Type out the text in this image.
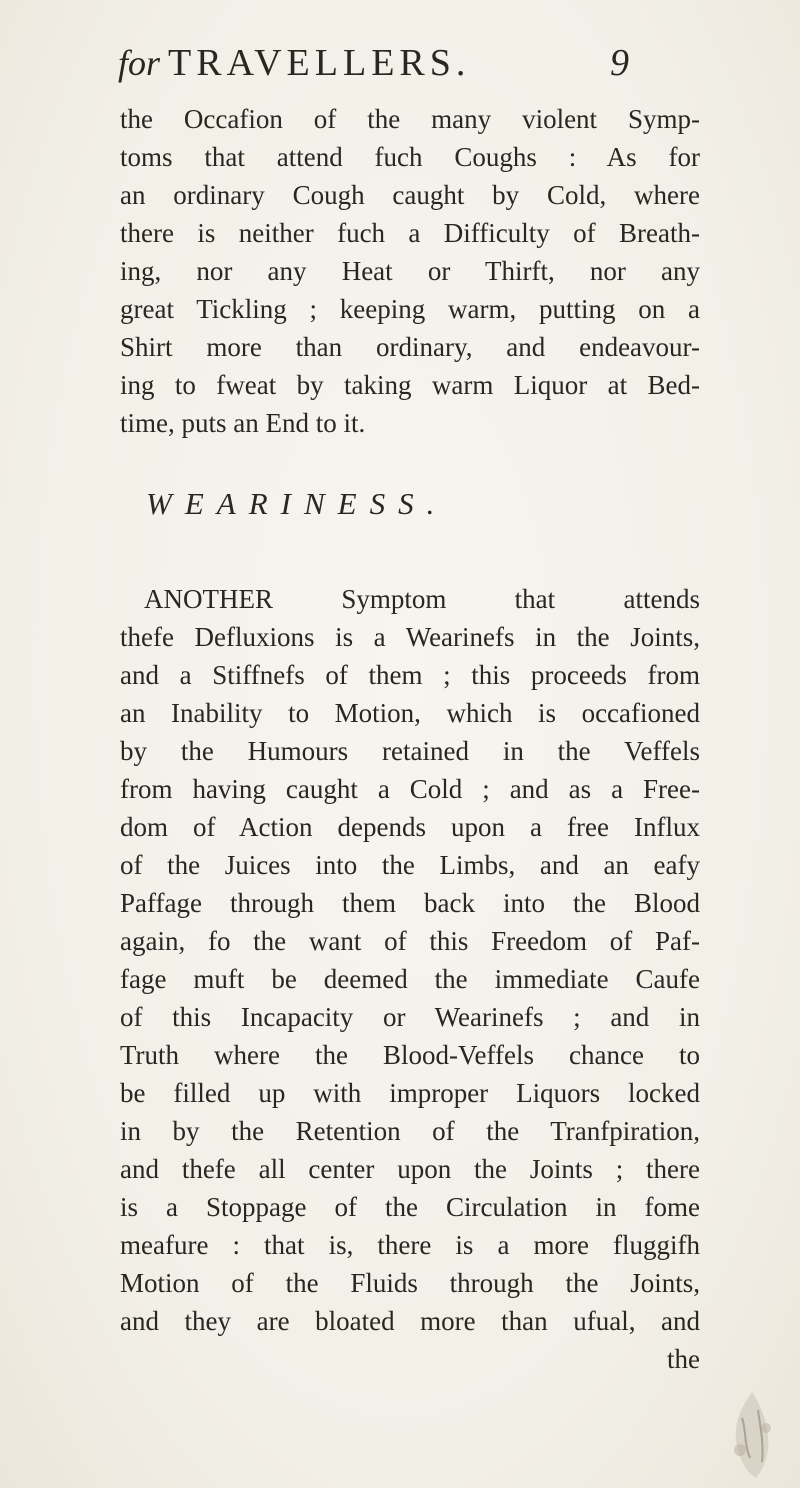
for TRAVELLERS.	9
the Occafion of the many violent Symp-
toms that attend fuch Coughs : As for
an ordinary Cough caught by Cold, where
there is neither fuch a Difficulty of Breath-
ing, nor any Heat or Thirft, nor any
great Tickling ; keeping warm, putting on a
Shirt more than ordinary, and endeavour-
ing to fweat by taking warm Liquor at Bed-
time, puts an End to it.
WEARINESS.
ANOTHER Symptom that attends
thefe Defluxions is a Wearinefs in the Joints,
and a Stiffnefs of them ; this proceeds from
an Inability to Motion, which is occafioned
by the Humours retained in the Veffels
from having caught a Cold ; and as a Free-
dom of Action depends upon a free Influx
of the Juices into the Limbs, and an eafy
Paffage through them back into the Blood
again, fo the want of this Freedom of Paf-
fage muft be deemed the immediate Caufe
of this Incapacity or Wearinefs ; and in
Truth where the Blood-Veffels chance to
be filled up with improper Liquors locked
in by the Retention of the Tranfpiration,
and thefe all center upon the Joints ; there
is a Stoppage of the Circulation in fome
meafure : that is, there is a more fluggifh
Motion of the Fluids through the Joints,
and they are bloated more than ufual, and
the
